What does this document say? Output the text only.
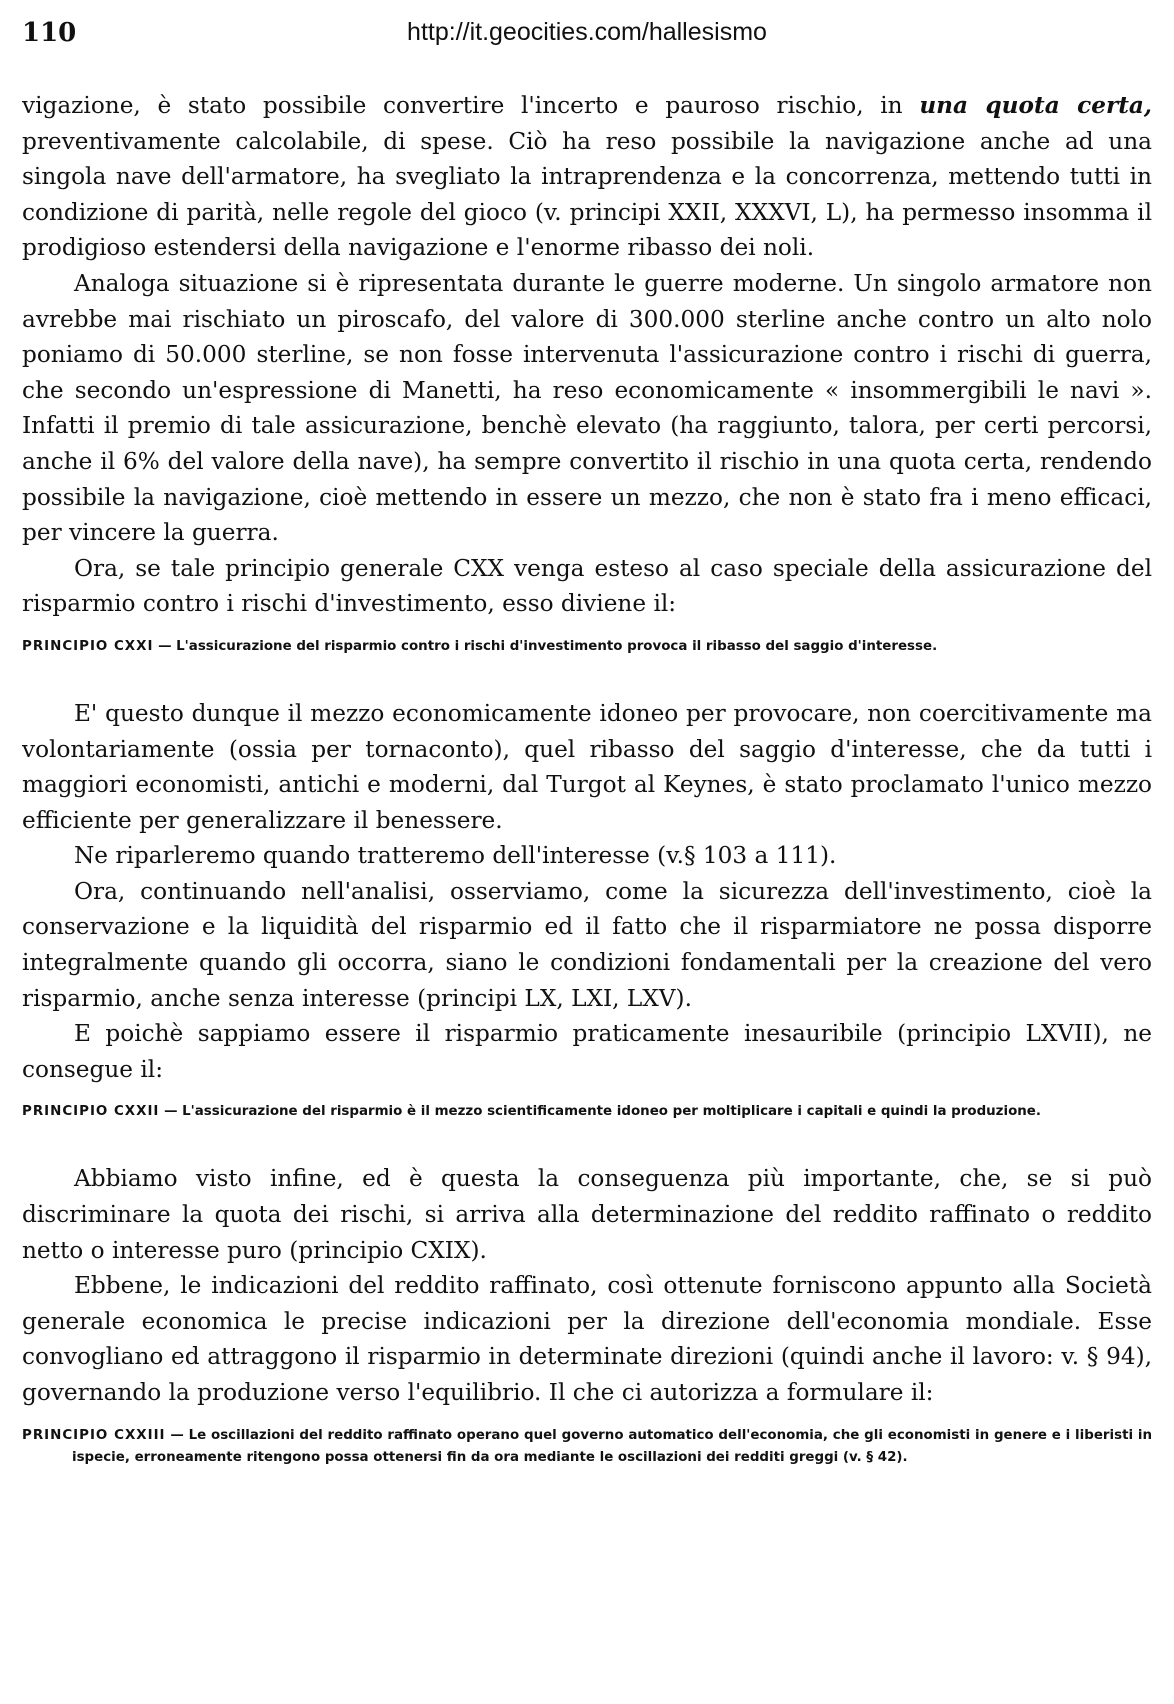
110	http://it.geocities.com/hallesismo

vigazione, è stato possibile convertire l'incerto e pauroso rischio, in una quota certa, preventivamente calcolabile, di spese. Ciò ha reso possibile la navigazione anche ad una singola nave dell'armatore, ha svegliato la intraprendenza e la concorrenza, mettendo tutti in condizione di parità, nelle regole del gioco (v. principi XXII, XXXVI, L), ha permesso insomma il prodigioso estendersi della navigazione e l'enorme ribasso dei noli.

Analoga situazione si è ripresentata durante le guerre moderne. Un singolo armatore non avrebbe mai rischiato un piroscafo, del valore di 300.000 sterline anche contro un alto nolo poniamo di 50.000 sterline, se non fosse intervenuta l'assicurazione contro i rischi di guerra, che secondo un'espressione di Manetti, ha reso economicamente « insommergibili le navi ». Infatti il premio di tale assicurazione, benchè elevato (ha raggiunto, talora, per certi percorsi, anche il 6% del valore della nave), ha sempre convertito il rischio in una quota certa, rendendo possibile la navigazione, cioè mettendo in essere un mezzo, che non è stato fra i meno efficaci, per vincere la guerra.

Ora, se tale principio generale CXX venga esteso al caso speciale della assicurazione del risparmio contro i rischi d'investimento, esso diviene il:

PRINCIPIO CXXI — L'assicurazione del risparmio contro i rischi d'investimento provoca il ribasso del saggio d'interesse.

E' questo dunque il mezzo economicamente idoneo per provocare, non coercitivamente ma volontariamente (ossia per tornaconto), quel ribasso del saggio d'interesse, che da tutti i maggiori economisti, antichi e moderni, dal Turgot al Keynes, è stato proclamato l'unico mezzo efficiente per generalizzare il benessere.

Ne riparleremo quando tratteremo dell'interesse (v.§ 103 a 111).

Ora, continuando nell'analisi, osserviamo, come la sicurezza dell'investimento, cioè la conservazione e la liquidità del risparmio ed il fatto che il risparmiatore ne possa disporre integralmente quando gli occorra, siano le condizioni fondamentali per la creazione del vero risparmio, anche senza interesse (principi LX, LXI, LXV).

E poichè sappiamo essere il risparmio praticamente inesauribile (principio LXVII), ne consegue il:

PRINCIPIO CXXII — L'assicurazione del risparmio è il mezzo scientificamente idoneo per moltiplicare i capitali e quindi la produzione.

Abbiamo visto infine, ed è questa la conseguenza più importante, che, se si può discriminare la quota dei rischi, si arriva alla determinazione del reddito raffinato o reddito netto o interesse puro (principio CXIX).

Ebbene, le indicazioni del reddito raffinato, così ottenute forniscono appunto alla Società generale economica le precise indicazioni per la direzione dell'economia mondiale. Esse convogliano ed attraggono il risparmio in determinate direzioni (quindi anche il lavoro: v. § 94), governando la produzione verso l'equilibrio. Il che ci autorizza a formulare il:

PRINCIPIO CXXIII — Le oscillazioni del reddito raffinato operano quel governo automatico dell'economia, che gli economisti in genere e i liberisti in ispecie, erroneamente ritengono possa ottenersi fin da ora mediante le oscillazioni dei redditi greggi (v. § 42).
